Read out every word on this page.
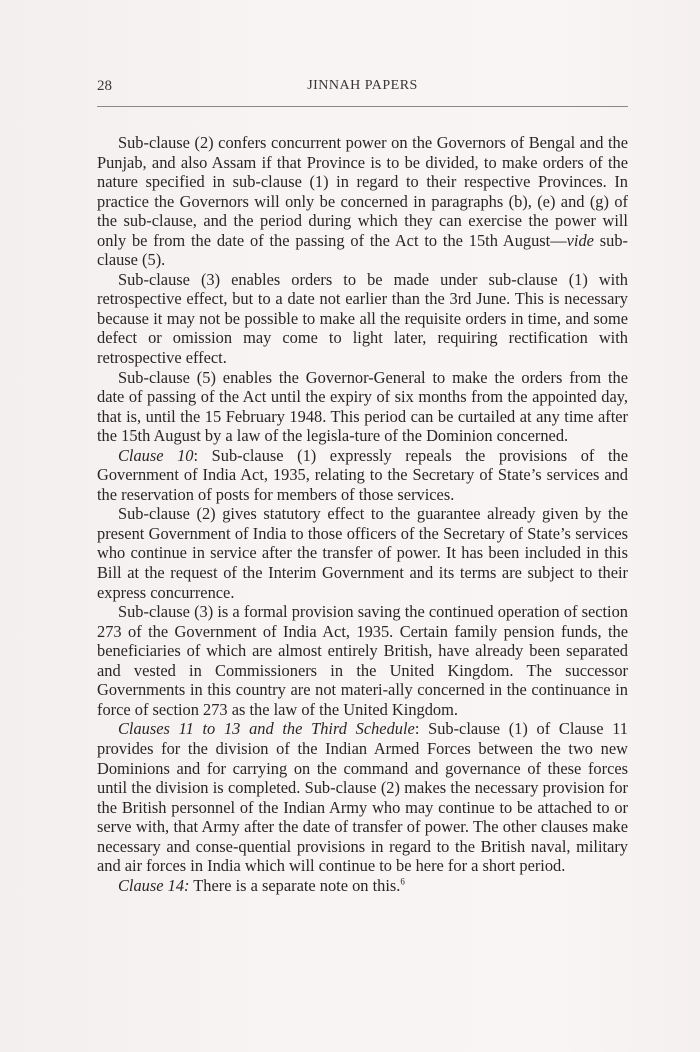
28	JINNAH PAPERS

Sub-clause (2) confers concurrent power on the Governors of Bengal and the Punjab, and also Assam if that Province is to be divided, to make orders of the nature specified in sub-clause (1) in regard to their respective Provinces. In practice the Governors will only be concerned in paragraphs (b), (e) and (g) of the sub-clause, and the period during which they can exercise the power will only be from the date of the passing of the Act to the 15th August—vide sub-clause (5).

Sub-clause (3) enables orders to be made under sub-clause (1) with retrospective effect, but to a date not earlier than the 3rd June. This is necessary because it may not be possible to make all the requisite orders in time, and some defect or omission may come to light later, requiring rectification with retrospective effect.

Sub-clause (5) enables the Governor-General to make the orders from the date of passing of the Act until the expiry of six months from the appointed day, that is, until the 15 February 1948. This period can be curtailed at any time after the 15th August by a law of the legisla-ture of the Dominion concerned.

Clause 10: Sub-clause (1) expressly repeals the provisions of the Government of India Act, 1935, relating to the Secretary of State’s services and the reservation of posts for members of those services.

Sub-clause (2) gives statutory effect to the guarantee already given by the present Government of India to those officers of the Secretary of State’s services who continue in service after the transfer of power. It has been included in this Bill at the request of the Interim Government and its terms are subject to their express concurrence.

Sub-clause (3) is a formal provision saving the continued operation of section 273 of the Government of India Act, 1935. Certain family pension funds, the beneficiaries of which are almost entirely British, have already been separated and vested in Commissioners in the United Kingdom. The successor Governments in this country are not materi-ally concerned in the continuance in force of section 273 as the law of the United Kingdom.

Clauses 11 to 13 and the Third Schedule: Sub-clause (1) of Clause 11 provides for the division of the Indian Armed Forces between the two new Dominions and for carrying on the command and governance of these forces until the division is completed. Sub-clause (2) makes the necessary provision for the British personnel of the Indian Army who may continue to be attached to or serve with, that Army after the date of transfer of power. The other clauses make necessary and conse-quential provisions in regard to the British naval, military and air forces in India which will continue to be here for a short period.

Clause 14: There is a separate note on this.$^6$
